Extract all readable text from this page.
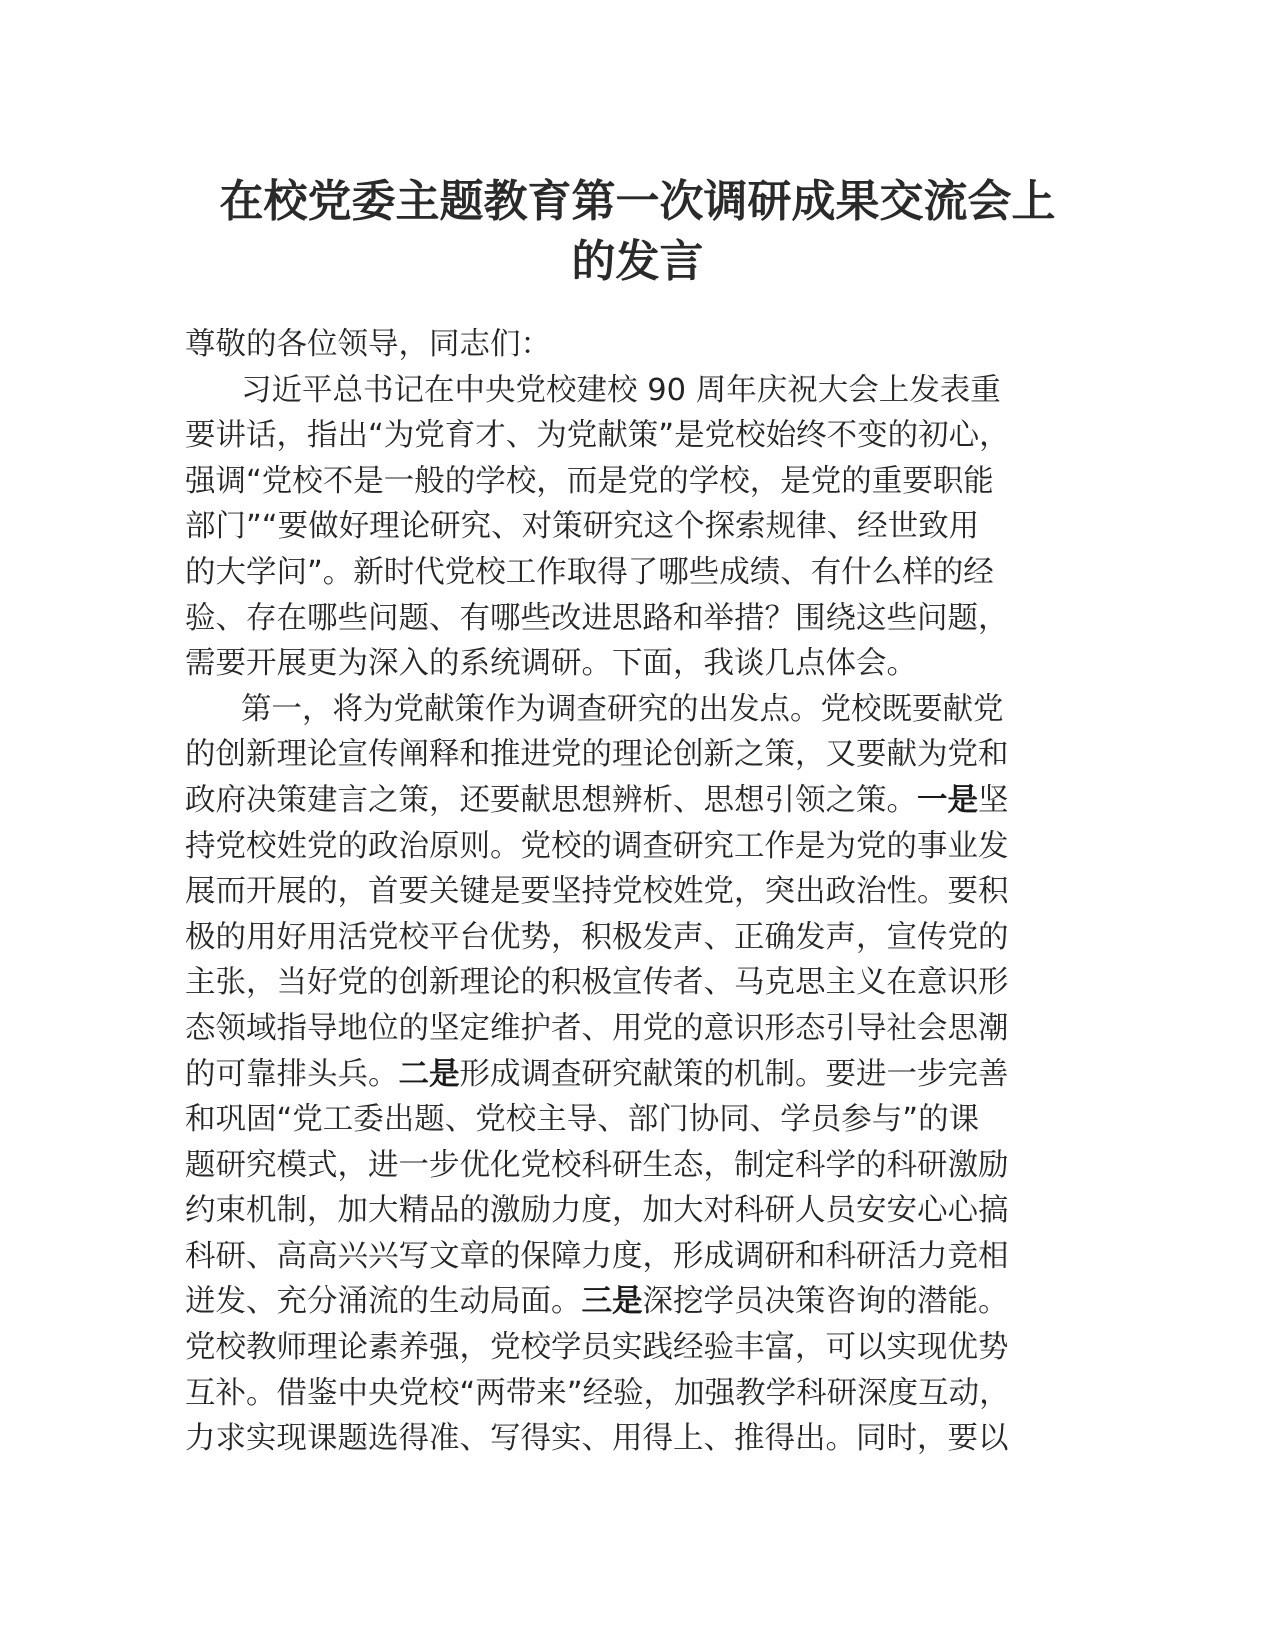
在校党委主题教育第一次调研成果交流会上
的发言
尊敬的各位领导，同志们：
习近平总书记在中央党校建校 90 周年庆祝大会上发表重
要讲话，指出“为党育才、为党献策”是党校始终不变的初心，
强调“党校不是一般的学校，而是党的学校，是党的重要职能
部门”“要做好理论研究、对策研究这个探索规律、经世致用
的大学问”。新时代党校工作取得了哪些成绩、有什么样的经
验、存在哪些问题、有哪些改进思路和举措？围绕这些问题，
需要开展更为深入的系统调研。下面，我谈几点体会。
第一，将为党献策作为调查研究的出发点。党校既要献党
的创新理论宣传阐释和推进党的理论创新之策，又要献为党和
政府决策建言之策，还要献思想辨析、思想引领之策。一是坚
持党校姓党的政治原则。党校的调查研究工作是为党的事业发
展而开展的，首要关键是要坚持党校姓党，突出政治性。要积
极的用好用活党校平台优势，积极发声、正确发声，宣传党的
主张，当好党的创新理论的积极宣传者、马克思主义在意识形
态领域指导地位的坚定维护者、用党的意识形态引导社会思潮
的可靠排头兵。二是形成调查研究献策的机制。要进一步完善
和巩固“党工委出题、党校主导、部门协同、学员参与”的课
题研究模式，进一步优化党校科研生态，制定科学的科研激励
约束机制，加大精品的激励力度，加大对科研人员安安心心搞
科研、高高兴兴写文章的保障力度，形成调研和科研活力竞相
迸发、充分涌流的生动局面。三是深挖学员决策咨询的潜能。
党校教师理论素养强，党校学员实践经验丰富，可以实现优势
互补。借鉴中央党校“两带来”经验，加强教学科研深度互动，
力求实现课题选得准、写得实、用得上、推得出。同时，要以
